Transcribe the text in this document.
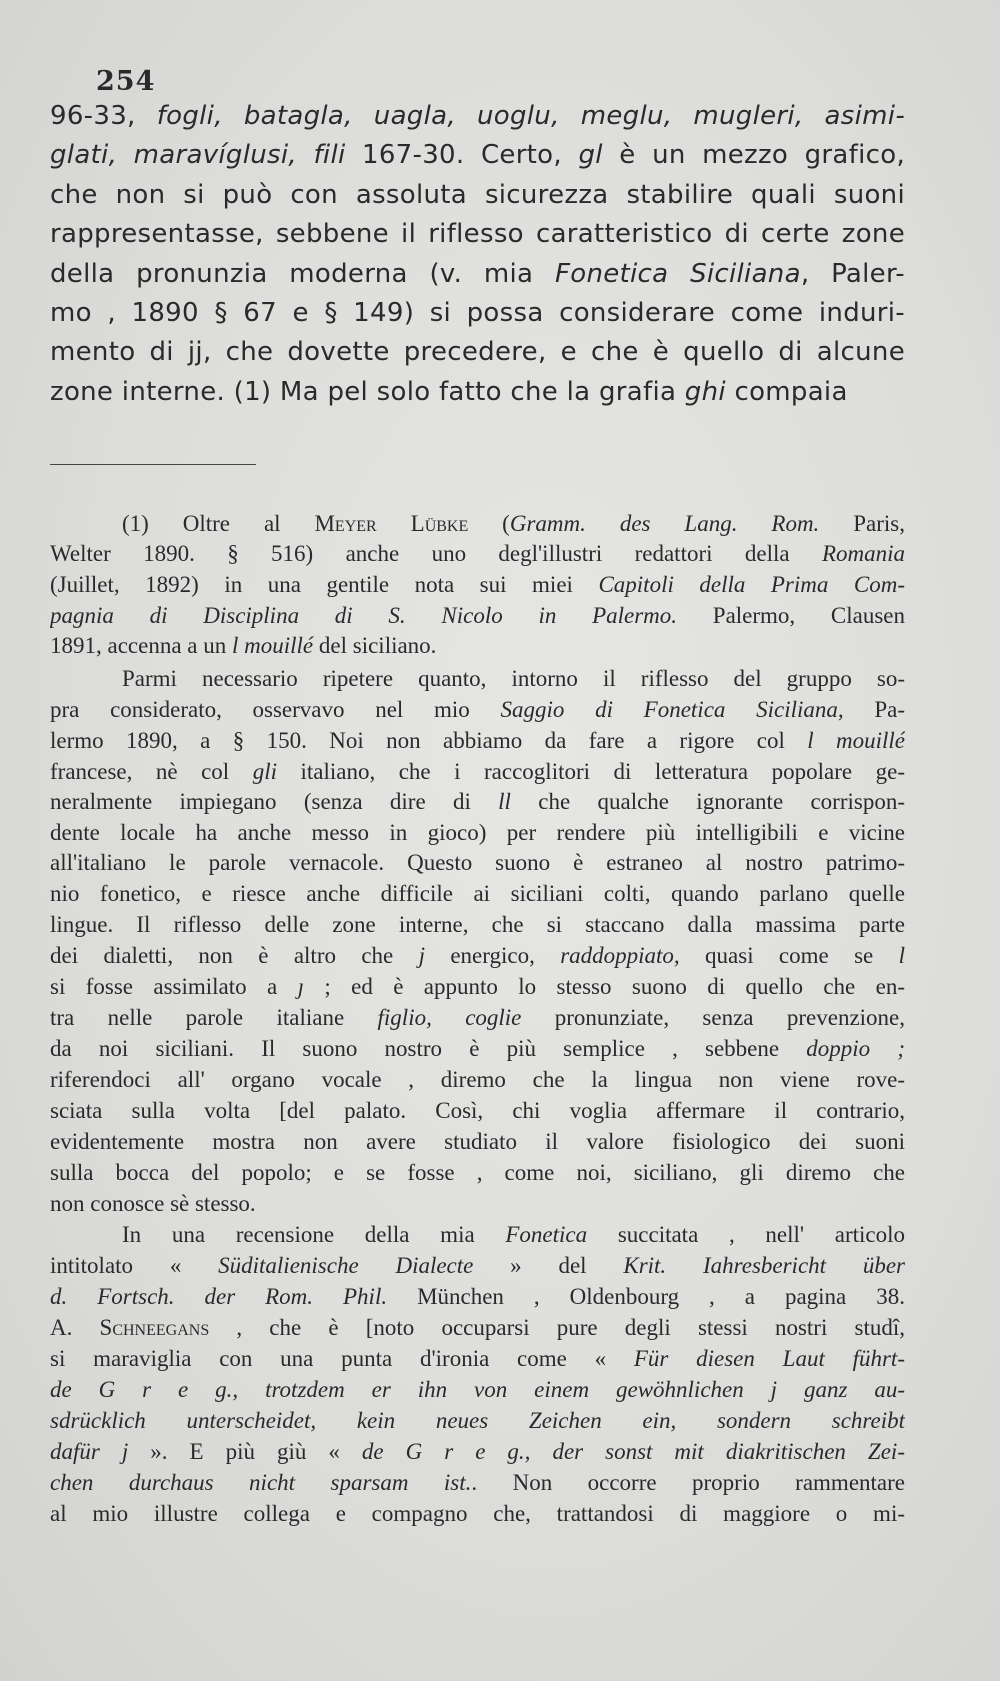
254
96-33, fogli, batagla, uagla, uoglu, meglu, mugleri, asimi-
glati, maravíglusi, fili 167-30. Certo, gl è un mezzo grafico,
che non si può con assoluta sicurezza stabilire quali suoni
rappresentasse, sebbene il riflesso caratteristico di certe zone
della pronunzia moderna (v. mia Fonetica Siciliana, Paler-
mo , 1890 § 67 e § 149) si possa considerare come induri-
mento di jj, che dovette precedere, e che è quello di alcune
zone interne. (1) Ma pel solo fatto che la grafia ghi compaia
(1) Oltre al Meyer Lübke (Gramm. des Lang. Rom. Paris,
Welter 1890. § 516) anche uno degl'illustri redattori della Romania
(Juillet, 1892) in una gentile nota sui miei Capitoli della Prima Com-
pagnia di Disciplina di S. Nicolo in Palermo. Palermo, Clausen
1891, accenna a un l mouillé del siciliano.
Parmi necessario ripetere quanto, intorno il riflesso del gruppo so-
pra considerato, osservavo nel mio Saggio di Fonetica Siciliana, Pa-
lermo 1890, a § 150. Noi non abbiamo da fare a rigore col l mouillé
francese, nè col gli italiano, che i raccoglitori di letteratura popolare ge-
neralmente impiegano (senza dire di ll che qualche ignorante corrispon-
dente locale ha anche messo in gioco) per rendere più intelligibili e vicine
all'italiano le parole vernacole. Questo suono è estraneo al nostro patrimo-
nio fonetico, e riesce anche difficile ai siciliani colti, quando parlano quelle
lingue. Il riflesso delle zone interne, che si staccano dalla massima parte
dei dialetti, non è altro che j energico, raddoppiato, quasi come se l
si fosse assimilato a ȷ ; ed è appunto lo stesso suono di quello che en-
tra nelle parole italiane figlio, coglie pronunziate, senza prevenzione,
da noi siciliani. Il suono nostro è più semplice , sebbene doppio ;
riferendoci all' organo vocale , diremo che la lingua non viene rove-
sciata sulla volta [del palato. Così, chi voglia affermare il contrario,
evidentemente mostra non avere studiato il valore fisiologico dei suoni
sulla bocca del popolo; e se fosse , come noi, siciliano, gli diremo che
non conosce sè stesso.
In una recensione della mia Fonetica succitata , nell' articolo
intitolato « Süditalienische Dialecte » del Krit. Iahresbericht über
d. Fortsch. der Rom. Phil. München , Oldenbourg , a pagina 38.
A. Schneegans , che è [noto occuparsi pure degli stessi nostri studî,
si maraviglia con una punta d'ironia come « Für diesen Laut führt-
de G r e g., trotzdem er ihn von einem gewöhnlichen j ganz au-
sdrücklich unterscheidet, kein neues Zeichen ein, sondern schreibt
dafür j ». E più giù « de G r e g., der sonst mit diakritischen Zei-
chen durchaus nicht sparsam ist.. Non occorre proprio rammentare
al mio illustre collega e compagno che, trattandosi di maggiore o mi-
